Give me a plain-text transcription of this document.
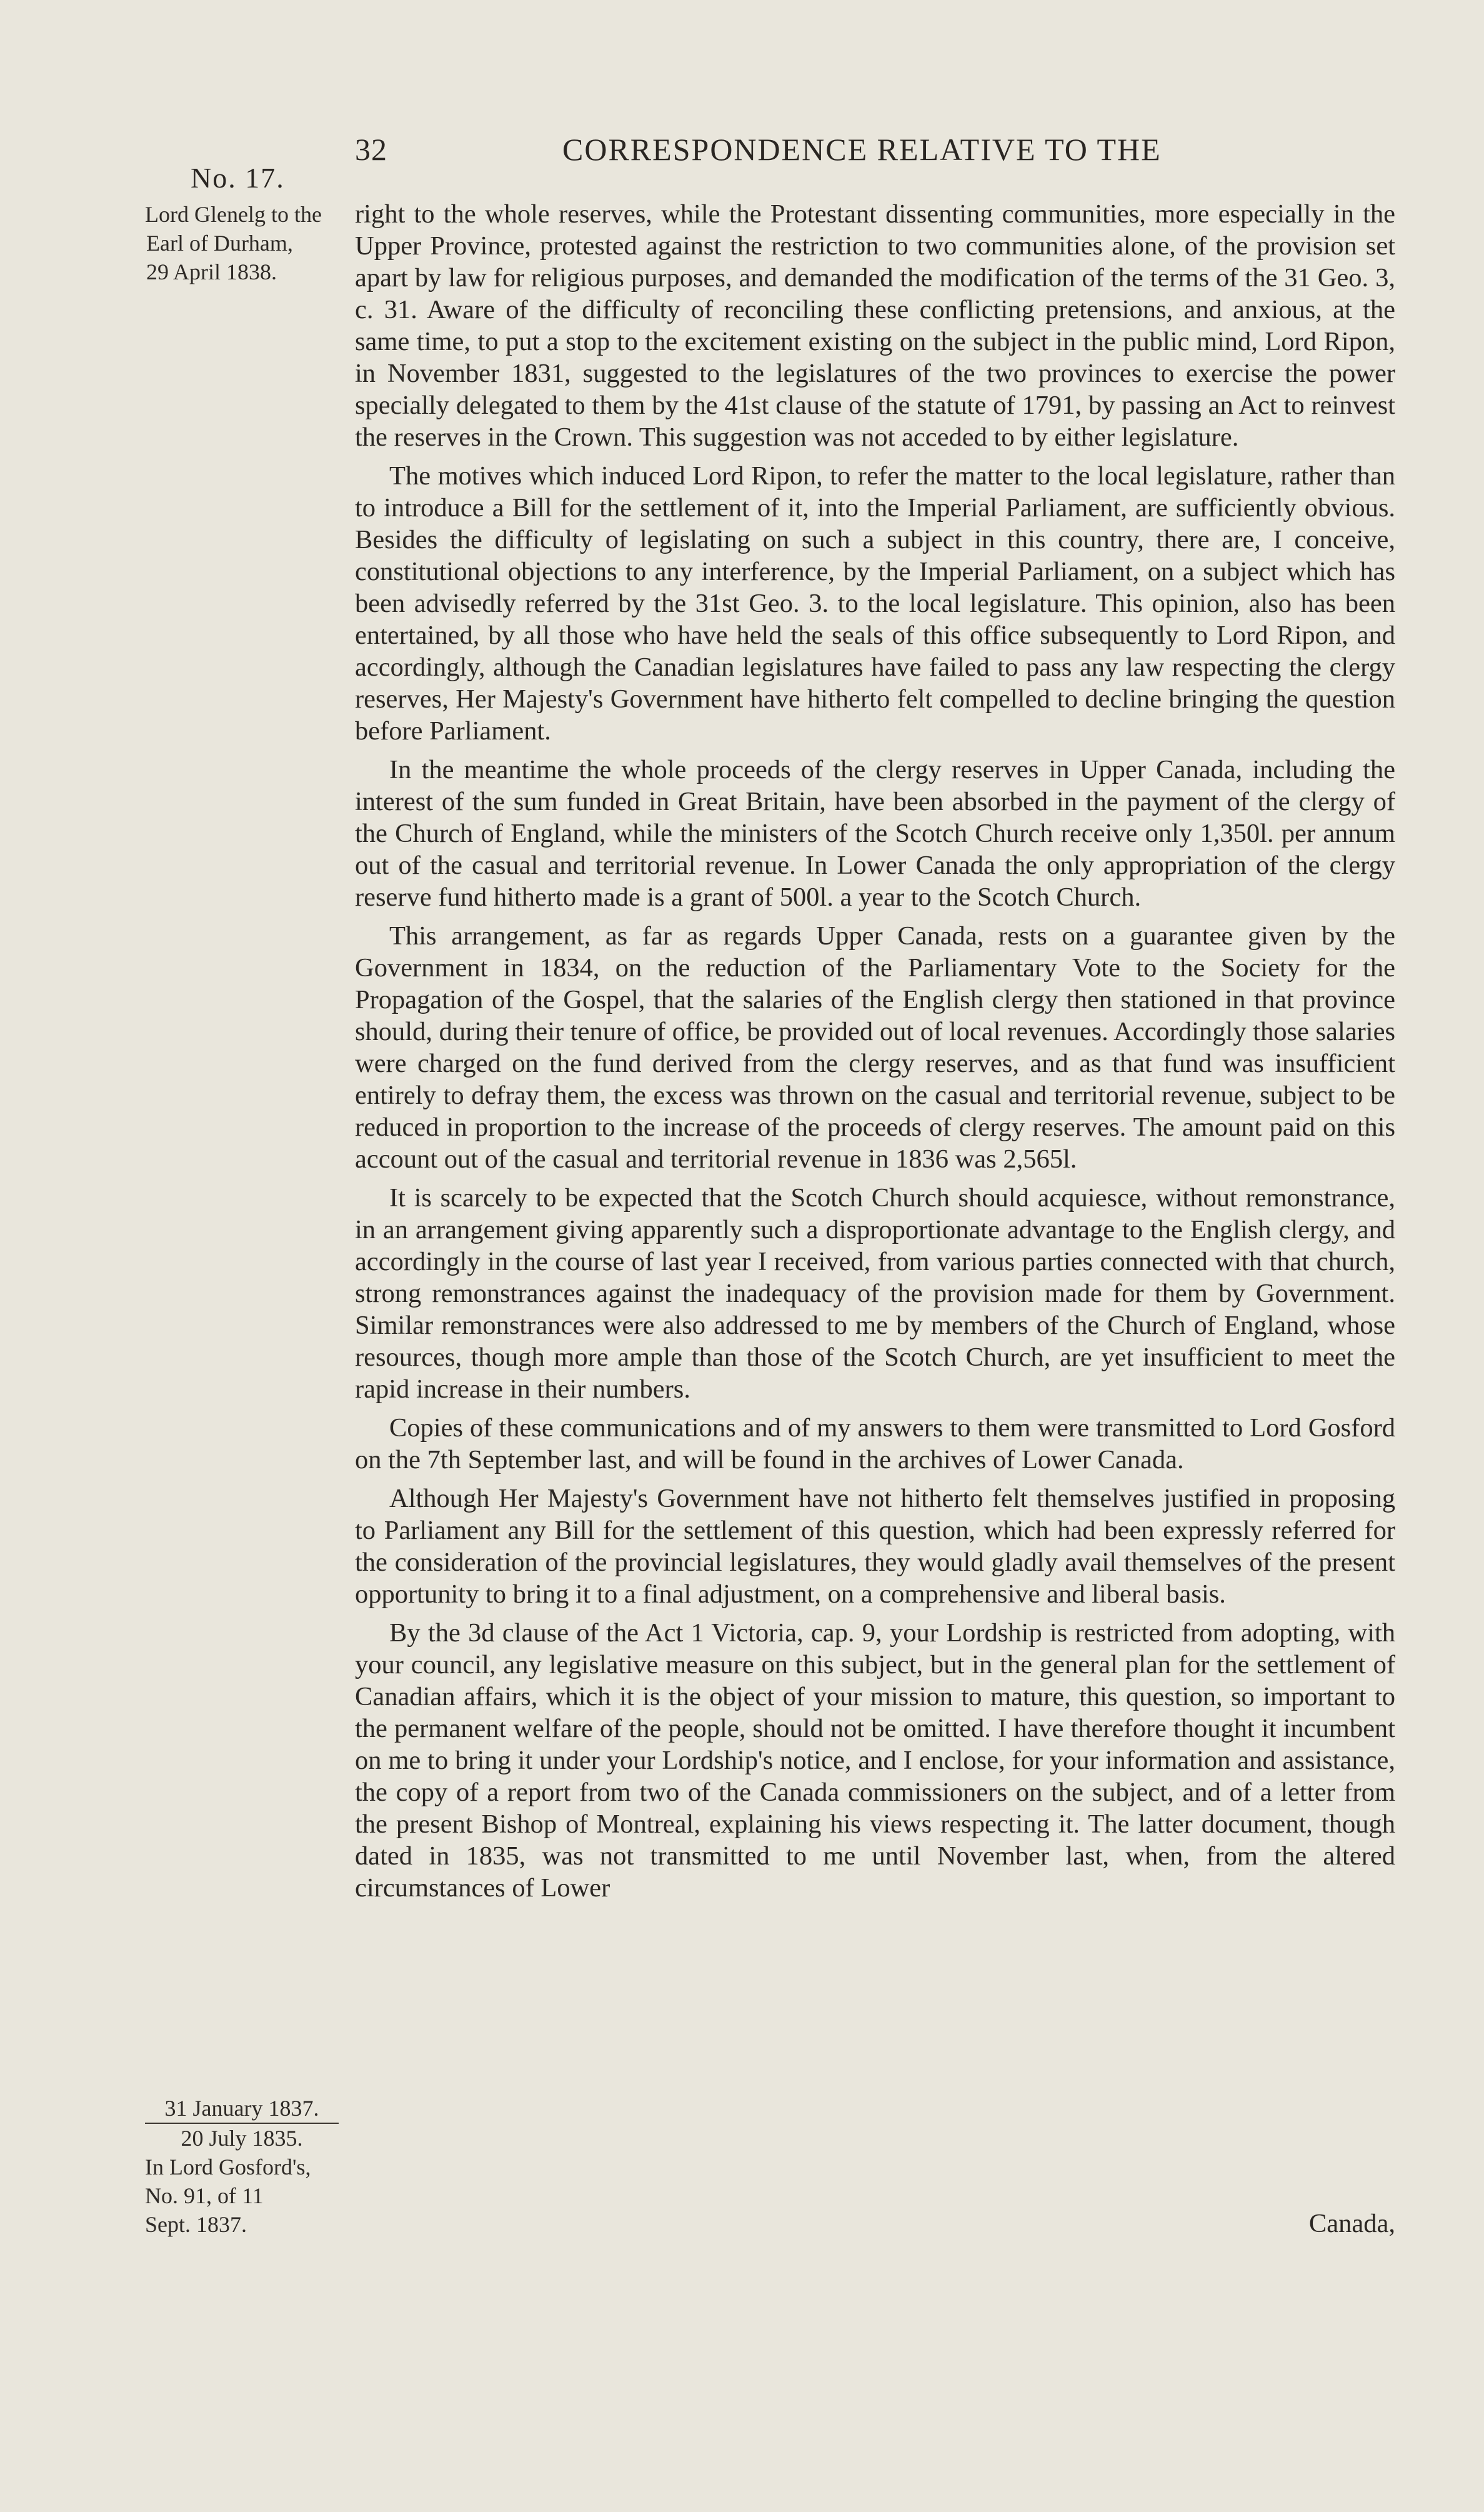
32	CORRESPONDENCE RELATIVE TO THE
No. 17.
Lord Glenelg to the
Earl of Durham,
29 April 1838.

right to the whole reserves, while the Protestant dissenting communities, more especially in the Upper Province, protested against the restriction to two communities alone, of the provision set apart by law for religious purposes, and demanded the modification of the terms of the 31 Geo. 3, c. 31. Aware of the difficulty of reconciling these conflicting pretensions, and anxious, at the same time, to put a stop to the excitement existing on the subject in the public mind, Lord Ripon, in November 1831, suggested to the legislatures of the two provinces to exercise the power specially delegated to them by the 41st clause of the statute of 1791, by passing an Act to reinvest the reserves in the Crown. This suggestion was not acceded to by either legislature.

The motives which induced Lord Ripon, to refer the matter to the local legislature, rather than to introduce a Bill for the settlement of it, into the Imperial Parliament, are sufficiently obvious. Besides the difficulty of legislating on such a subject in this country, there are, I conceive, constitutional objections to any interference, by the Imperial Parliament, on a subject which has been advisedly referred by the 31st Geo. 3. to the local legislature. This opinion, also has been entertained, by all those who have held the seals of this office subsequently to Lord Ripon, and accordingly, although the Canadian legislatures have failed to pass any law respecting the clergy reserves, Her Majesty's Government have hitherto felt compelled to decline bringing the question before Parliament.

In the meantime the whole proceeds of the clergy reserves in Upper Canada, including the interest of the sum funded in Great Britain, have been absorbed in the payment of the clergy of the Church of England, while the ministers of the Scotch Church receive only 1,350l. per annum out of the casual and territorial revenue. In Lower Canada the only appropriation of the clergy reserve fund hitherto made is a grant of 500l. a year to the Scotch Church.

This arrangement, as far as regards Upper Canada, rests on a guarantee given by the Government in 1834, on the reduction of the Parliamentary Vote to the Society for the Propagation of the Gospel, that the salaries of the English clergy then stationed in that province should, during their tenure of office, be provided out of local revenues. Accordingly those salaries were charged on the fund derived from the clergy reserves, and as that fund was insufficient entirely to defray them, the excess was thrown on the casual and territorial revenue, subject to be reduced in proportion to the increase of the proceeds of clergy reserves. The amount paid on this account out of the casual and territorial revenue in 1836 was 2,565l.

It is scarcely to be expected that the Scotch Church should acquiesce, without remonstrance, in an arrangement giving apparently such a disproportionate advantage to the English clergy, and accordingly in the course of last year I received, from various parties connected with that church, strong remonstrances against the inadequacy of the provision made for them by Government. Similar remonstrances were also addressed to me by members of the Church of England, whose resources, though more ample than those of the Scotch Church, are yet insufficient to meet the rapid increase in their numbers.

Copies of these communications and of my answers to them were transmitted to Lord Gosford on the 7th September last, and will be found in the archives of Lower Canada.

Although Her Majesty's Government have not hitherto felt themselves justified in proposing to Parliament any Bill for the settlement of this question, which had been expressly referred for the consideration of the provincial legislatures, they would gladly avail themselves of the present opportunity to bring it to a final adjustment, on a comprehensive and liberal basis.

By the 3d clause of the Act 1 Victoria, cap. 9, your Lordship is restricted from adopting, with your council, any legislative measure on this subject, but in the general plan for the settlement of Canadian affairs, which it is the object of your mission to mature, this question, so important to the permanent welfare of the people, should not be omitted. I have therefore thought it incumbent on me to bring it under your Lordship's notice, and I enclose, for your information and assistance, the copy of a report from two of the Canada commissioners on the subject, and of a letter from the present Bishop of Montreal, explaining his views respecting it. The latter document, though dated in 1835, was not transmitted to me until November last, when, from the altered circumstances of Lower

31 January 1837.
20 July 1835.
In Lord Gosford's,
No. 91, of 11
Sept. 1837.	Canada,
